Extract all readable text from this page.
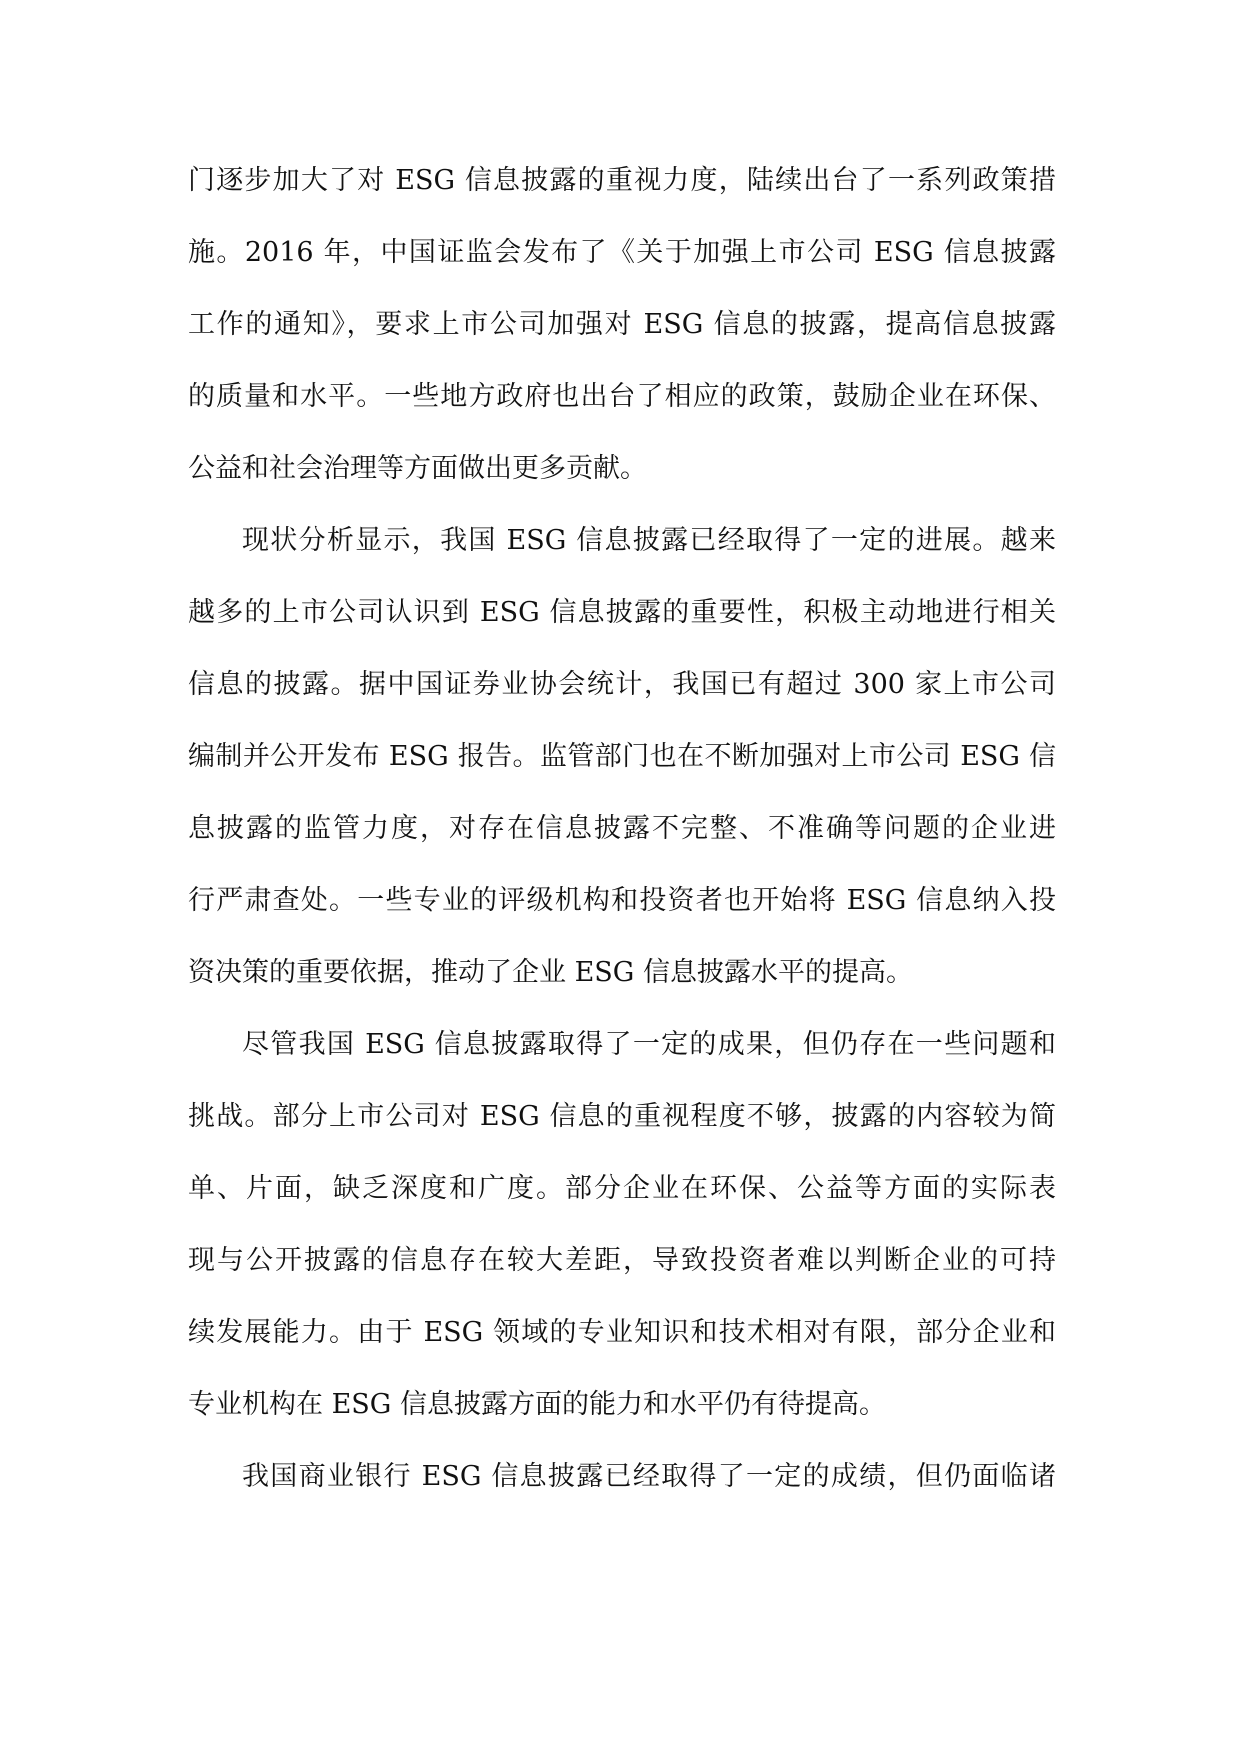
门逐步加大了对 ESG 信息披露的重视力度，陆续出台了一系列政策措
施。2016 年，中国证监会发布了《关于加强上市公司 ESG 信息披露
工作的通知》，要求上市公司加强对 ESG 信息的披露，提高信息披露
的质量和水平。一些地方政府也出台了相应的政策，鼓励企业在环保、
公益和社会治理等方面做出更多贡献。
现状分析显示，我国 ESG 信息披露已经取得了一定的进展。越来
越多的上市公司认识到 ESG 信息披露的重要性，积极主动地进行相关
信息的披露。据中国证券业协会统计，我国已有超过 300 家上市公司
编制并公开发布 ESG 报告。监管部门也在不断加强对上市公司 ESG 信
息披露的监管力度，对存在信息披露不完整、不准确等问题的企业进
行严肃查处。一些专业的评级机构和投资者也开始将 ESG 信息纳入投
资决策的重要依据，推动了企业 ESG 信息披露水平的提高。
尽管我国 ESG 信息披露取得了一定的成果，但仍存在一些问题和
挑战。部分上市公司对 ESG 信息的重视程度不够，披露的内容较为简
单、片面，缺乏深度和广度。部分企业在环保、公益等方面的实际表
现与公开披露的信息存在较大差距，导致投资者难以判断企业的可持
续发展能力。由于 ESG 领域的专业知识和技术相对有限，部分企业和
专业机构在 ESG 信息披露方面的能力和水平仍有待提高。
我国商业银行 ESG 信息披露已经取得了一定的成绩，但仍面临诸
